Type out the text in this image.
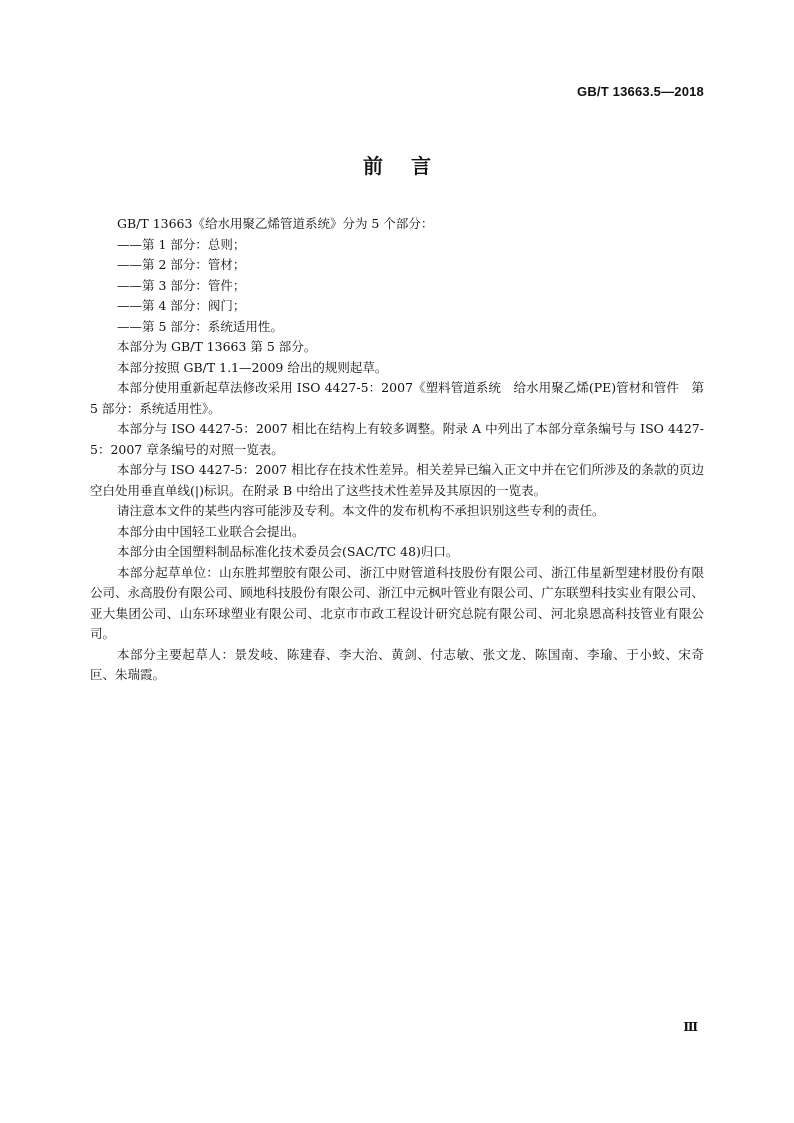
GB/T 13663.5—2018
前言

GB/T 13663《给水用聚乙烯管道系统》分为 5 个部分：

——第 1 部分：总则；

——第 2 部分：管材；

——第 3 部分：管件；

——第 4 部分：阀门；

——第 5 部分：系统适用性。

本部分为 GB/T 13663 第 5 部分。

本部分按照 GB/T 1.1—2009 给出的规则起草。

本部分使用重新起草法修改采用 ISO 4427-5：2007《塑料管道系统　给水用聚乙烯(PE)管材和管件　第 5 部分：系统适用性》。

本部分与 ISO 4427-5：2007 相比在结构上有较多调整。附录 A 中列出了本部分章条编号与 ISO 4427-5：2007 章条编号的对照一览表。

本部分与 ISO 4427-5：2007 相比存在技术性差异。相关差异已编入正文中并在它们所涉及的条款的页边空白处用垂直单线(|)标识。在附录 B 中给出了这些技术性差异及其原因的一览表。

请注意本文件的某些内容可能涉及专利。本文件的发布机构不承担识别这些专利的责任。

本部分由中国轻工业联合会提出。

本部分由全国塑料制品标准化技术委员会(SAC/TC 48)归口。

本部分起草单位：山东胜邦塑胶有限公司、浙江中财管道科技股份有限公司、浙江伟星新型建材股份有限公司、永高股份有限公司、顾地科技股份有限公司、浙江中元枫叶管业有限公司、广东联塑科技实业有限公司、亚大集团公司、山东环球塑业有限公司、北京市市政工程设计研究总院有限公司、河北泉恩高科技管业有限公司。

本部分主要起草人：景发岐、陈建春、李大治、黄剑、付志敏、张文龙、陈国南、李瑜、于小蛟、宋奇叵、朱瑞霞。

Ⅲ
